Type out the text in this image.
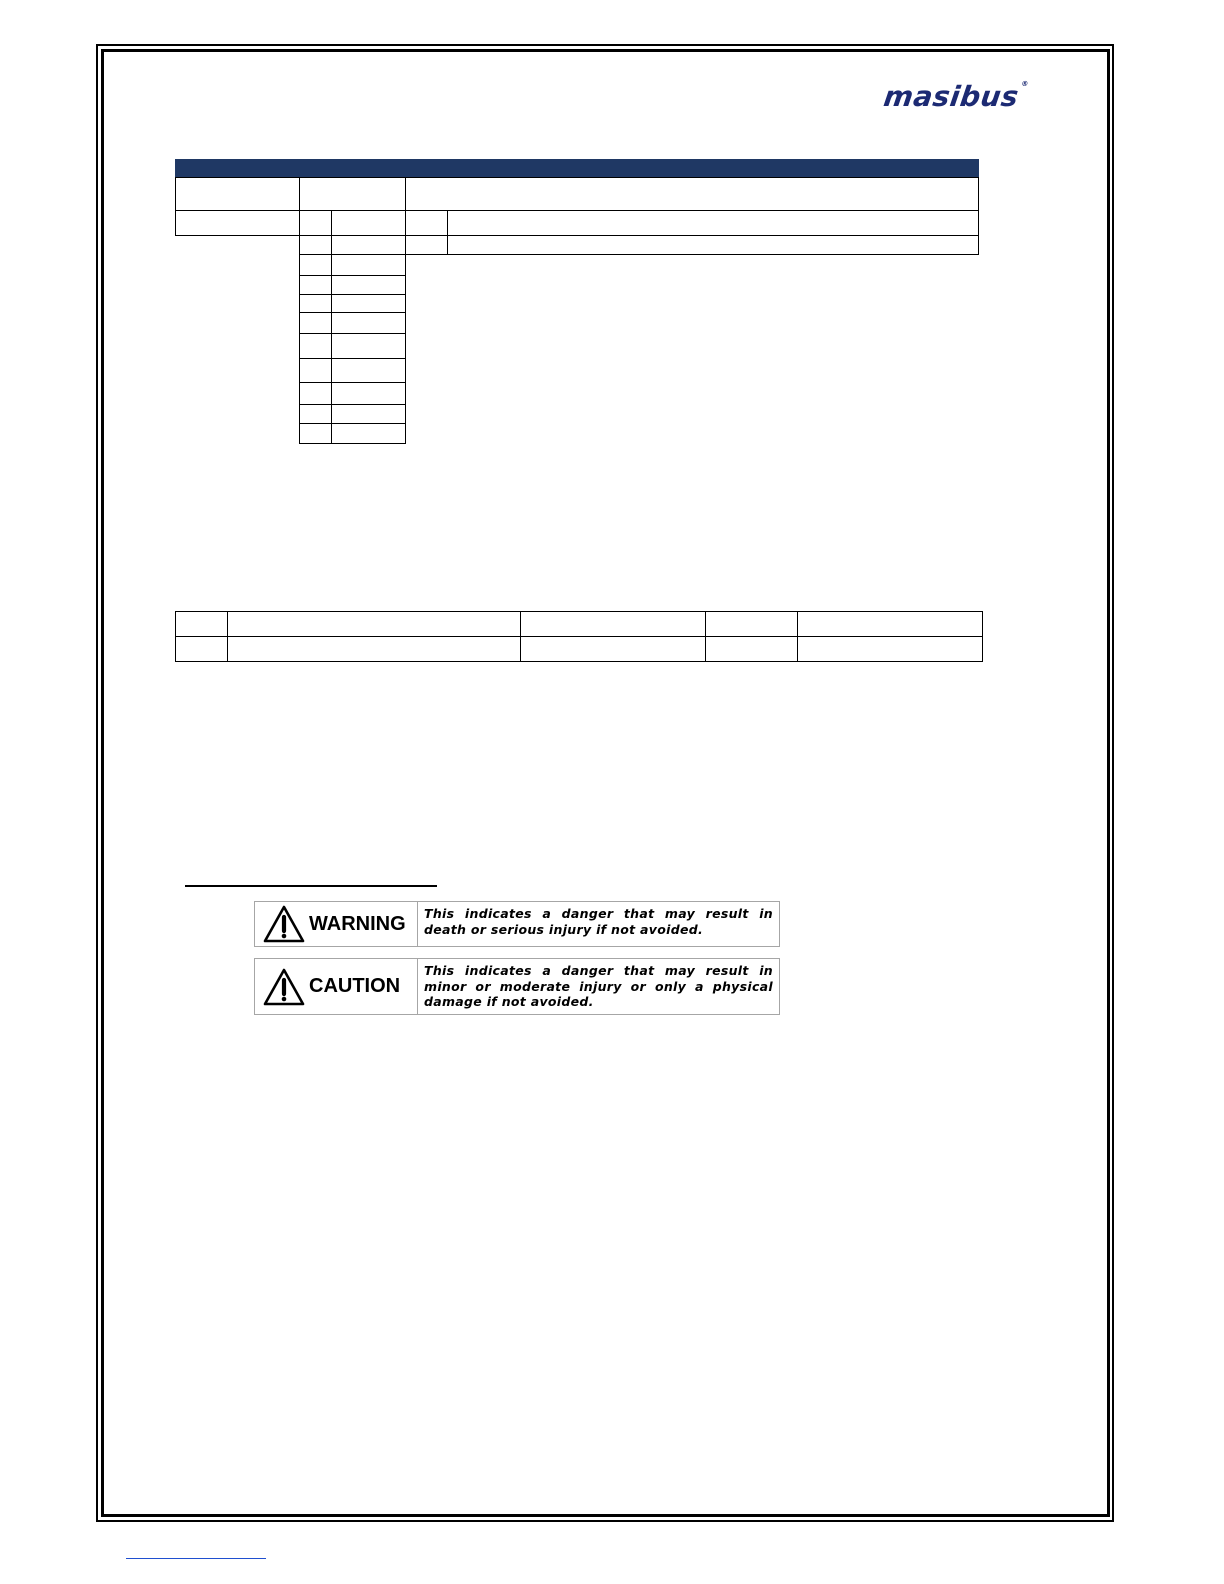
masibus®
WARNING	This indicates a danger that may result in death or serious injury if not avoided.
CAUTION
This indicates a danger that may result in minor or moderate injury or only a physical damage if not avoided.
